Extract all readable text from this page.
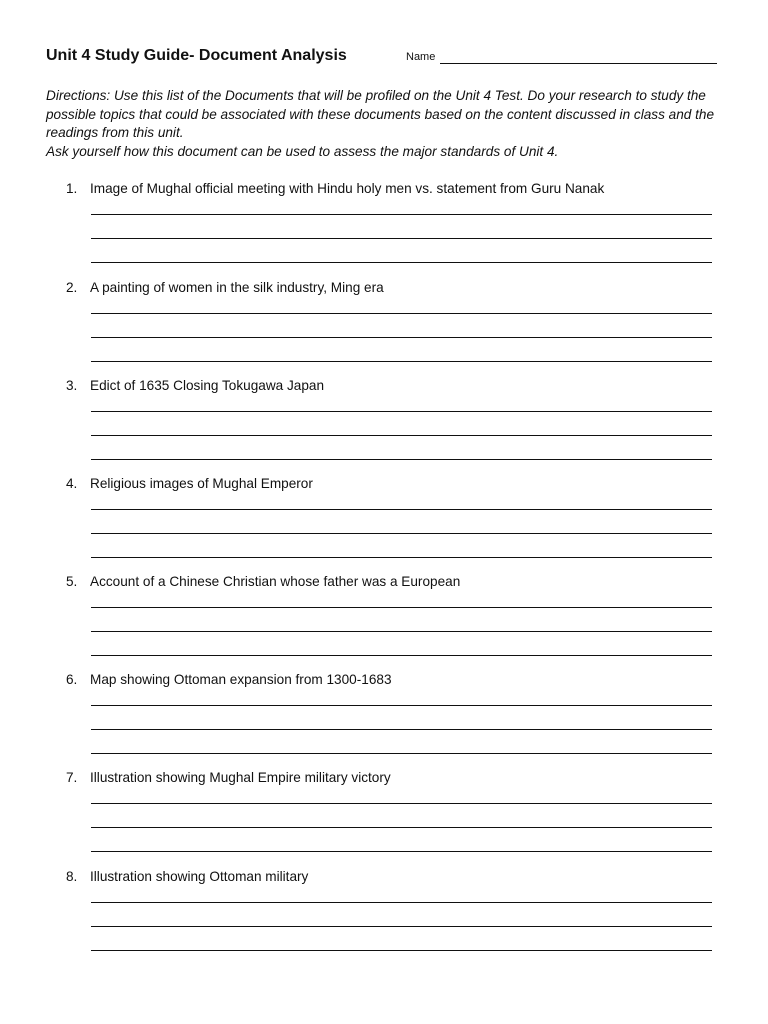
Unit 4 Study Guide- Document Analysis	Name

Directions: Use this list of the Documents that will be profiled on the Unit 4 Test. Do your research to study the possible topics that could be associated with these documents based on the content discussed in class and the readings from this unit.

Ask yourself how this document can be used to assess the major standards of Unit 4.

1. Image of Mughal official meeting with Hindu holy men vs. statement from Guru Nanak
2. A painting of women in the silk industry, Ming era
3. Edict of 1635 Closing Tokugawa Japan
4. Religious images of Mughal Emperor
5. Account of a Chinese Christian whose father was a European
6. Map showing Ottoman expansion from 1300-1683
7. Illustration showing Mughal Empire military victory
8. Illustration showing Ottoman military
